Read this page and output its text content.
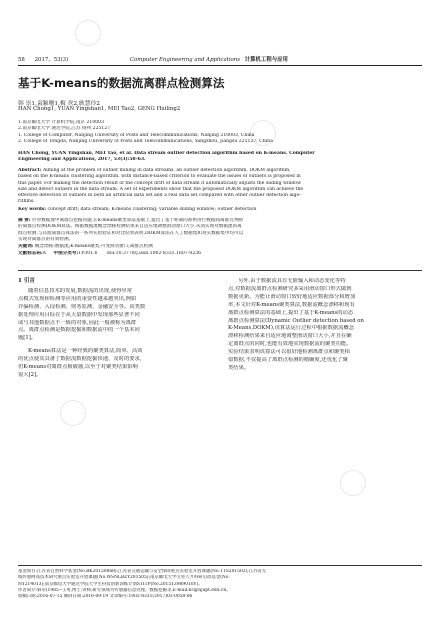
58 2017，53(3)	Computer Engineering and Applications 计算机工程与应用
基于K-means的数据流离群点检测算法
韩 崇1,袁颖珊1,梅 焘2,耿慧玲2
HAN Chong1, YUAN Yingshan1, MEI Tao2, GENG Huiling2
1.南京邮电大学 计算机学院,南京 210003
2.南京邮电大学 通达学院,江苏 扬州 225127
1. College of Computer, Nanjing University of Posts and Telecommunications, Nanjing 210003, China
2. College of Tongda, Nanjing University of Posts and Telecommunications, Yangzhou, Jiangsu 225127, China
HAN Chong, YUAN Yingshan, MEI Tao, et al. Data stream outlier detection algorithm based on K-means. Computer
Engineering and Applications, 2017, 53(3):58-63.
Abstract: Aiming at the problem of outlier mining in data streams, an outlier detection algorithm, DOKM algorithm,
based on the K-means clustering algorithm, with distance-based criterion to evaluate the issues of outliers is proposed in
this paper. For making the detection result of the concept drift of data stream it automatically adjusts the sliding window
size and detect outliers in the data stream. A set of experiments show that the proposed DOKM algorithm can achieve the
effective detection of outliers in both an artificial data set and a real data set compared with other outlier detection algo-
rithms.
Key words: concept drift; data stream; K-means clustering; variable sliding window; outlier detection
摘 要: 针对数据流中离群点挖掘问题,在K-means聚类算法基础上,提出了基于距离的准则进行数据间离群点判断
的离群点检测DOKM算法。根据数据流概念漂移检测结果来自适应地调整滑动窗口大小,从而实现对数据流的离
群点检测,与其他离群点算法的一系列实验验证和对比结果表明,DOKM算法在人工数据集和真实数据集中均可以
实现对离群点的有效检测。
关键词: 概念漂移;数据流;K-means聚类;可变滑动窗口;离群点检测
文献标志码:A 中图分类号:TP301.6 doi:10.3778/j.issn.1002-8331.1607-0236
1 引言
随着信息技术的发展,数据流的出现,使得异常
点模式发现和检测等应用的重要性越来越突出,例如
诈骗检测、入侵检测、财务监测、金融安全等。该类数
据处理应用目标在于从大量数据中发现那些显著不同
或与其他数据点不一致的对象,因此一般被称为离群
点。离群点检测是数据挖掘和数据流中的一个基本问
题[1]。
K-means算法是一种经典的聚类算法,简单、高效
的优点使其具备了数据流数据挖掘快速、及时的要求,
但K-means对离群点极敏感,以至于对聚类结果影响
很大[2]。
另外,由于数据流具有无限输入和动态变化等特
点,对数据流离群点检测研究多采用滑动窗口形式做到
数据更新。为能让滑动窗口较好地适应数据部分和增加
率,本文针对K-means聚类算法,数据流概念漂移和现有
离群点检测算法的基础上,提出了基于K-means的动态
离群点检测算法(Dynamic Outlier detection based on
K-Means,DOKM),该算法运行过程中根据数据流概念
漂移检测结果来自适应地调整滑动窗口大小,并且在确
定离群点的同时,也能有效地实现数据流的聚类功能。
实验结果表明该算法可以很好地检测离群点和聚类相
似数据,不仅提高了离群点检测的精确度,还优化了聚
类结果。
基金项目:江苏省自然科学基金(No.BK20150868);江苏省交通运输与安全保障重点实验室开放课题(No.TTS201502);江苏省无
线传感网高技术研究重点实验室开放课题(No.WSNLBZY201505);南京邮电大学引进人才科研启动基金(No.
NY214013);南京邮电大学通达学院大学生科技创新训练计划STITP(No.201513989010Y)。
作者简介:韩崇(1985—),男,博士,讲师,研究领域为传感器信息处理、数据挖掘等,E-mail:hc@njupt.edu.cn。
收稿日期:2016-07-15 修回日期:2016-09-19 文章编号:1002-8331(2017)03-0058-06
